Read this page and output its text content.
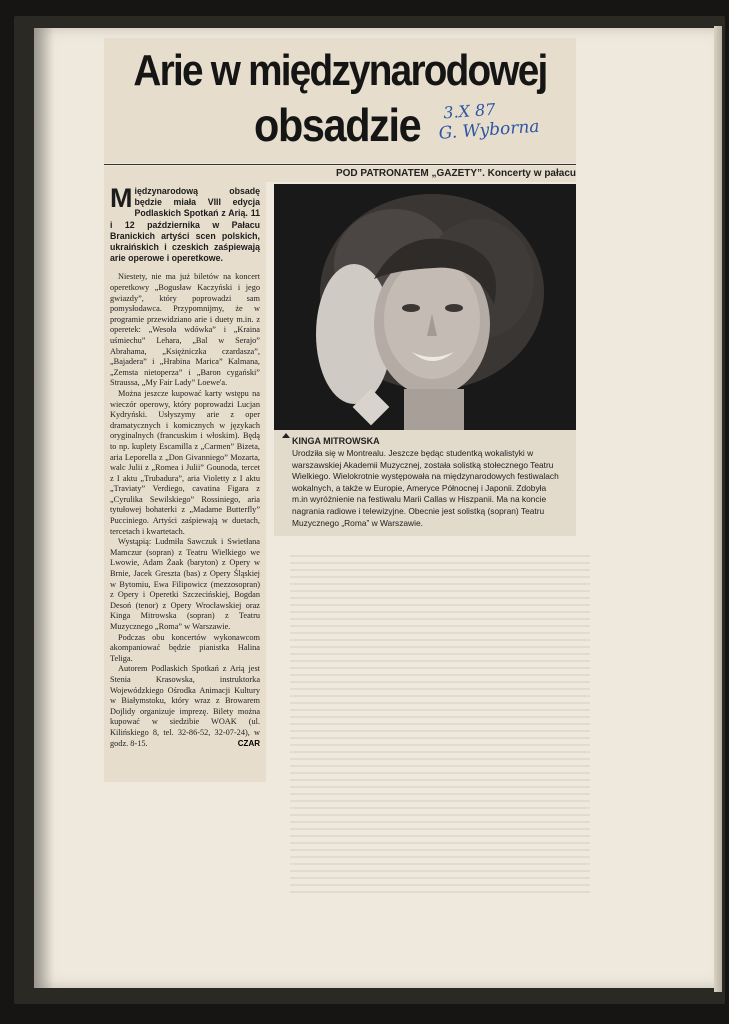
Arie w międzynarodowej
obsadzie 3.X 87
G. Wyborna
POD PATRONATEM „GAZETY”. Koncerty w pałacu

Międzynarodową obsadę będzie miała VIII edycja Podlaskich Spotkań z Arią. 11 i 12 października w Pałacu Branickich artyści scen polskich, ukraińskich i czeskich zaśpiewają arie operowe i operetkowe.

Niestety, nie ma już biletów na koncert operetkowy „Bogusław Kaczyński i jego gwiazdy”, który poprowadzi sam pomysłodawca. Przypomnijmy, że w programie przewidziano arie i duety m.in. z operetek: „Wesoła wdówka” i „Kraina uśmiechu” Lehara, „Bal w Serajo” Abrahama, „Księżniczka czardasza”, „Bajadera” i „Hrabina Marica” Kalmana, „Zemsta nietoperza” i „Baron cygański” Straussa, „My Fair Lady” Loewe'a.

Można jeszcze kupować karty wstępu na wieczór operowy, który poprowadzi Lucjan Kydryński. Usłyszymy arie z oper dramatycznych i komicznych w językach oryginalnych (francuskim i włoskim). Będą to np. kuplety Escamilla z „Carmen” Bizeta, aria Leporella z „Don Givanniego” Mozarta, walc Julii z „Romea i Julii” Gounoda, tercet z I aktu „Trubadura”, aria Violetty z I aktu „Traviaty” Verdiego, cavatina Figara z „Cyrulika Sewilskiego” Rossiniego, aria tytułowej bohaterki z „Madame Butterfly” Pucciniego. Artyści zaśpiewają w duetach, tercetach i kwartetach.

Wystąpią: Ludmiła Sawczuk i Swietłana Mamczur (sopran) z Teatru Wielkiego we Lwowie, Adam Żaak (baryton) z Opery w Brnie, Jacek Greszta (bas) z Opery Śląskiej w Bytomiu, Ewa Filipowicz (mezzosopran) z Opery i Operetki Szczecińskiej, Bogdan Desoń (tenor) z Opery Wrocławskiej oraz Kinga Mitrowska (sopran) z Teatru Muzycznego „Roma” w Warszawie.

Podczas obu koncertów wykonawcom akompaniować będzie pianistka Halina Teliga.

Autorem Podlaskich Spotkań z Arią jest Stenia Krasowska, instruktorka Wojewódzkiego Ośrodka Animacji Kultury w Białymstoku, który wraz z Browarem Dojlidy organizuje imprezę. Bilety można kupować w siedzibie WOAK (ul. Kilińskiego 8, tel. 32-86-52, 32-07-24), w godz. 8-15.	CZAR

KINGA MITROWSKA

Urodziła się w Montrealu. Jeszcze będąc studentką wokalistyki w warszawskiej Akademii Muzycznej, została solistką stołecznego Teatru Wielkiego. Wielokrotnie występowała na międzynarodowych festiwalach wokalnych, a także w Europie, Ameryce Północnej i Japonii. Zdobyła m.in wyróżnienie na festiwalu Marii Callas w Hiszpanii. Ma na koncie nagrania radiowe i telewizyjne. Obecnie jest solistką (sopran) Teatru Muzycznego „Roma” w Warszawie.
